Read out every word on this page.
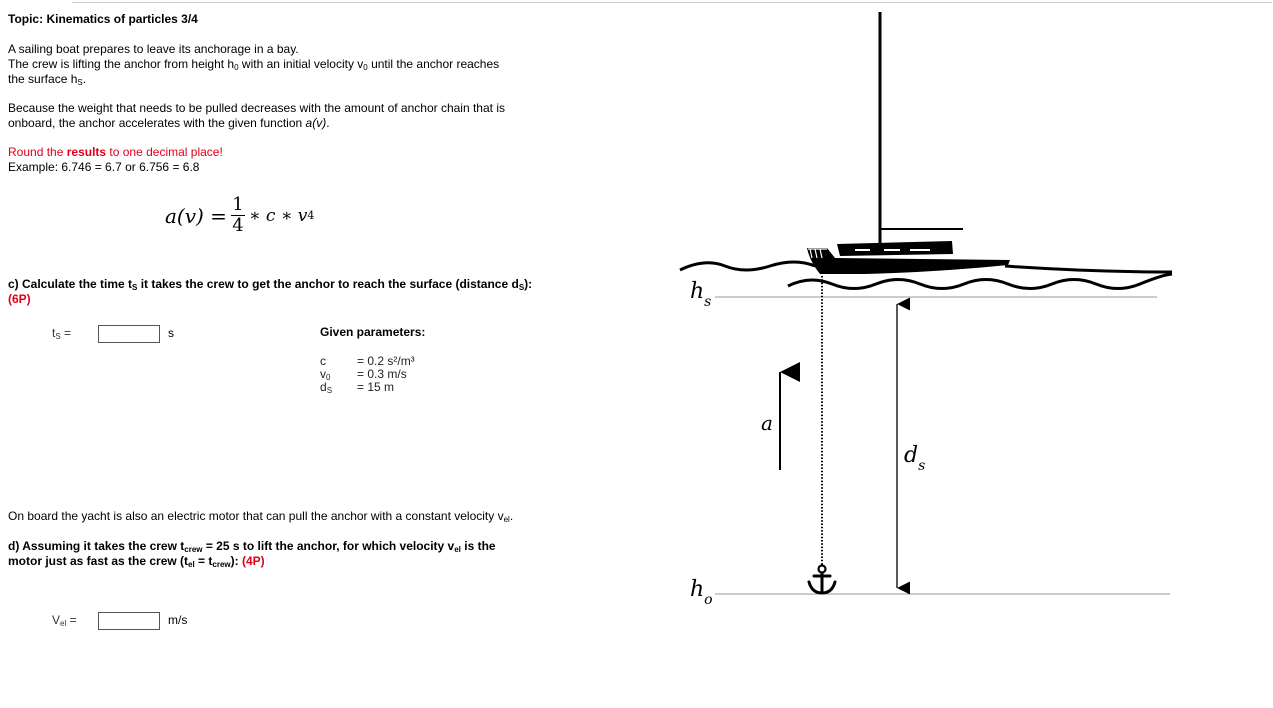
Topic: Kinematics of particles 3/4
A sailing boat prepares to leave its anchorage in a bay.
The crew is lifting the anchor from height $h_0$ with an initial velocity $v_0$ until the anchor reaches
the surface $h_S$.
Because the weight that needs to be pulled decreases with the amount of anchor chain that is
onboard, the anchor accelerates with the given function a(v).
Round the results to one decimal place!
Example: 6.746 = 6.7 or 6.756 = 6.8
$a(v) = \frac{1}{4}$ ∗ c ∗ v 4
c) Calculate the time $t_S$ it takes the crew to get the anchor to reach the surface (distance $d_S$):
(6P)
$t_S$ =	s	Given parameters:
c	= 0.2 s²/m³
$v_0$	= 0.3 m/s
$d_S$	= 15 m
On board the yacht is also an electric motor that can pull the anchor with a constant velocity $v_{el}$.
d) Assuming it takes the crew $t_{crew} = 25$ s to lift the anchor, for which velocity $v_{el}$ is the
motor just as fast as the crew $(t_{el} = t_{crew})$: (4P)
$V_{el}$ =	m/s
$h_s$
$h_o$
a
$d_s$
